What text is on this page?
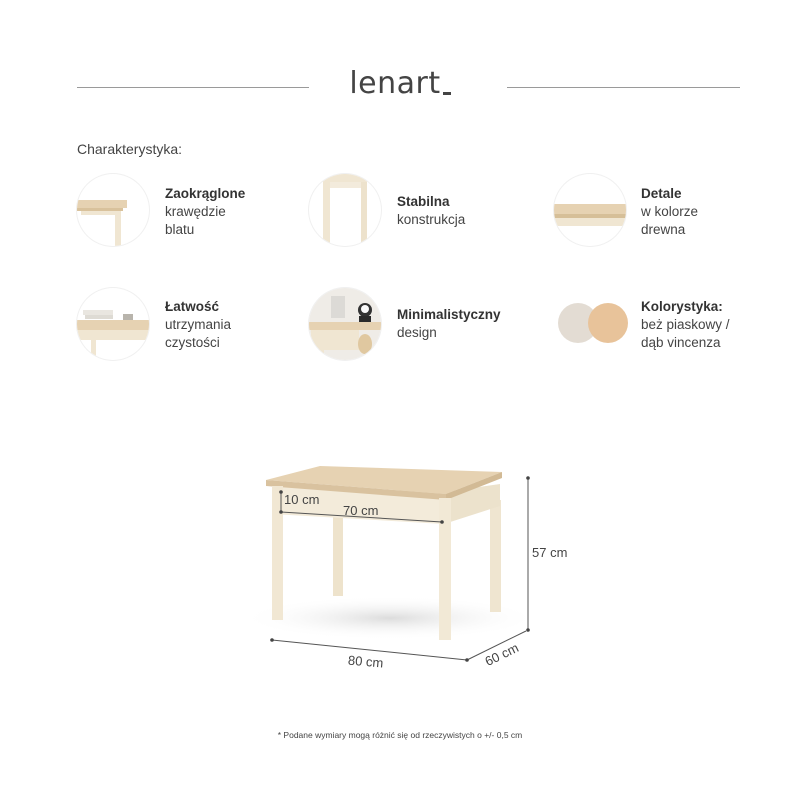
lenart
Charakterystyka:
Zaokrąglone
krawędzie
blatu
Stabilna
konstrukcja
Detale
w kolorze
drewna
Łatwość
utrzymania
czystości
Minimalistyczny
design
Kolorystyka:
beż piaskowy /
dąb vincenza
10 cm
70 cm
57 cm
80 cm	60 cm
* Podane wymiary mogą różnić się od rzeczywistych o +/- 0,5 cm
